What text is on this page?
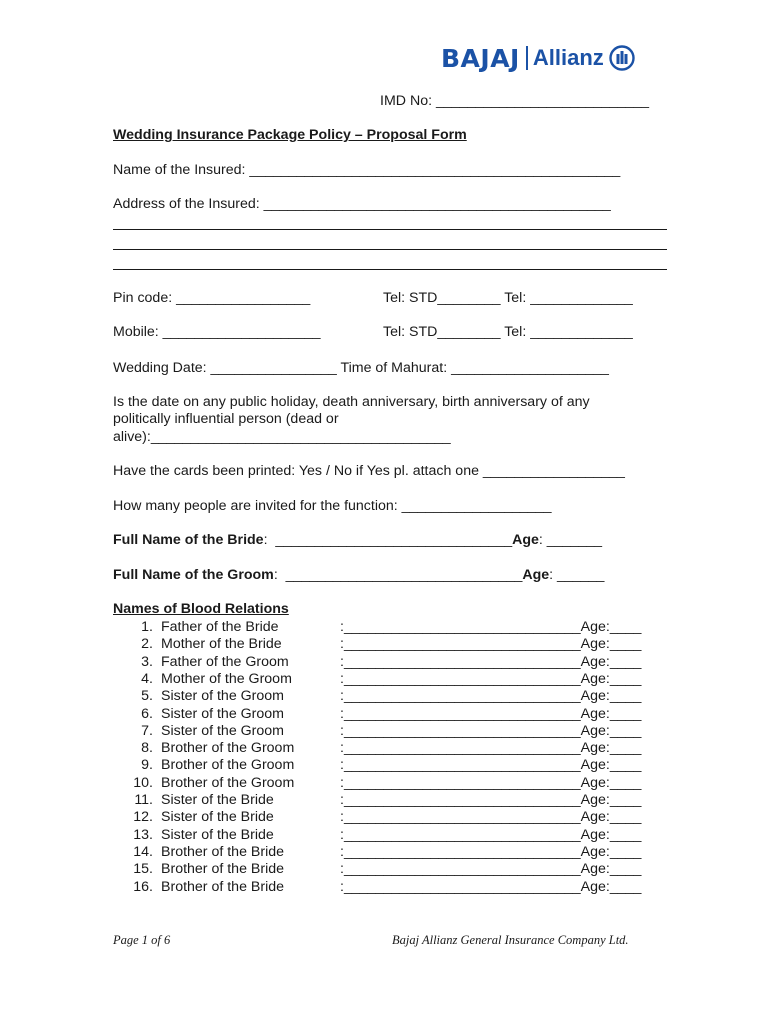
BAJAJ Allianz
IMD No: ___________________________
Wedding Insurance Package Policy – Proposal Form
Name of the Insured: _______________________________________________
Address of the Insured: ____________________________________________
Pin code: _________________	Tel: STD________ Tel: _____________
Mobile: ____________________	Tel: STD________ Tel: _____________
Wedding Date: ________________ Time of Mahurat: ____________________
Is the date on any public holiday, death anniversary, birth anniversary of any
politically influential person (dead or
alive):______________________________________
Have the cards been printed: Yes / No if Yes pl. attach one __________________
How many people are invited for the function: ___________________
Full Name of the Bride:  ______________________________Age: _______
Full Name of the Groom:  ______________________________Age: ______
Names of Blood Relations
1. Father of the Bride	:______________________________Age:____
2. Mother of the Bride	:______________________________Age:____
3. Father of the Groom	:______________________________Age:____
4. Mother of the Groom	:______________________________Age:____
5. Sister of the Groom	:______________________________Age:____
6. Sister of the Groom	:______________________________Age:____
7. Sister of the Groom	:______________________________Age:____
8. Brother of the Groom	:______________________________Age:____
9. Brother of the Groom	:______________________________Age:____
10. Brother of the Groom	:______________________________Age:____
11. Sister of the Bride	:______________________________Age:____
12. Sister of the Bride	:______________________________Age:____
13. Sister of the Bride	:______________________________Age:____
14. Brother of the Bride	:______________________________Age:____
15. Brother of the Bride	:______________________________Age:____
16. Brother of the Bride	:______________________________Age:____
Page 1 of 6	Bajaj Allianz General Insurance Company Ltd.
